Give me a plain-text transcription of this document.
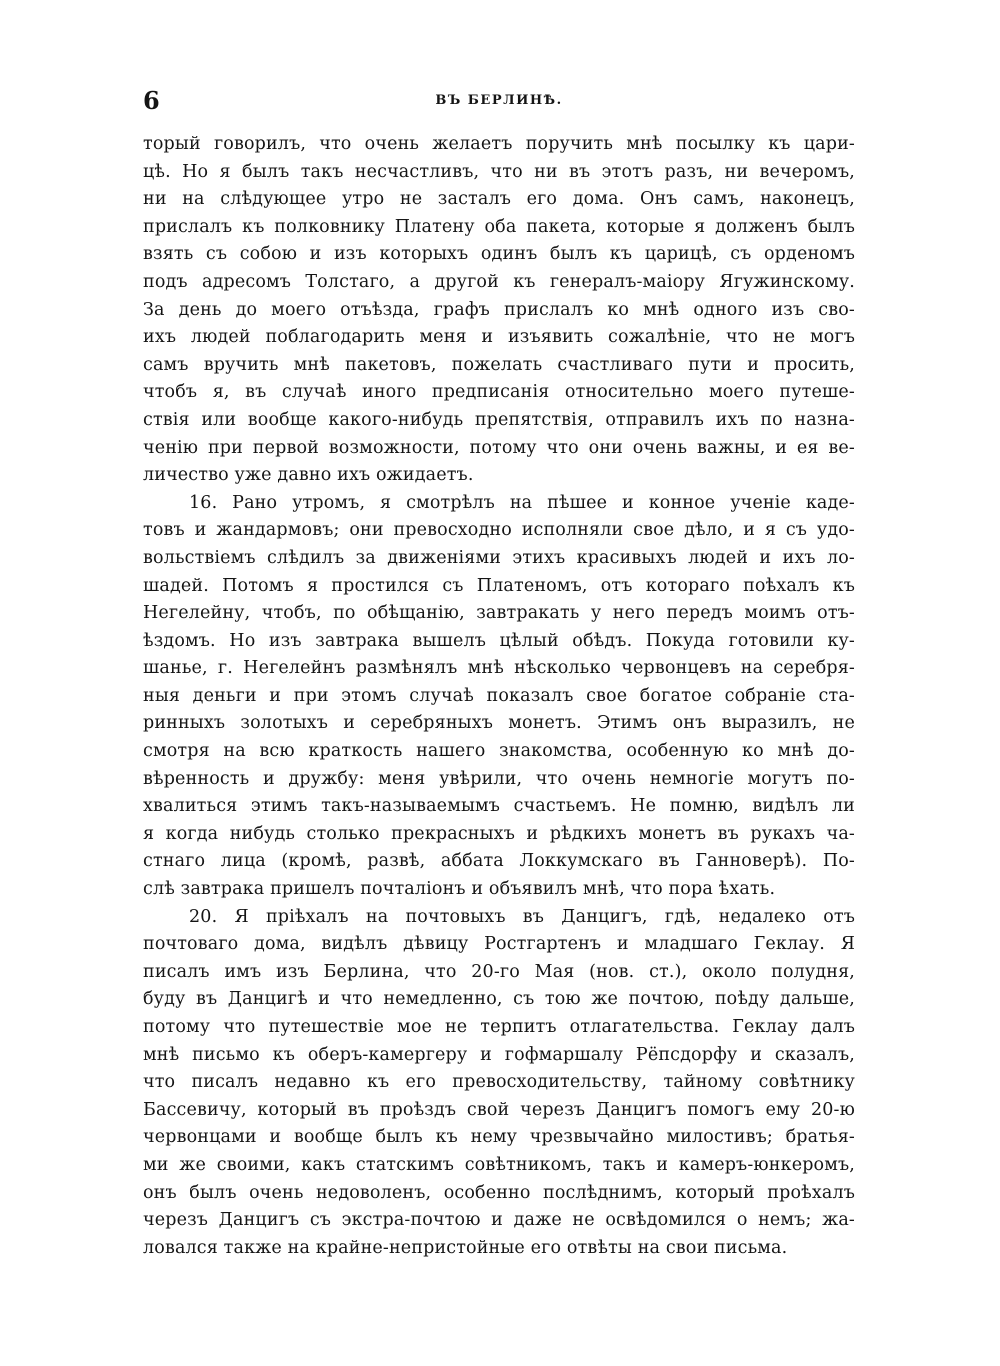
6	ВЪ БЕРЛИНѢ.
торый говорилъ, что очень желаетъ поручить мнѣ посылку къ цари-
цѣ. Но я былъ такъ несчастливъ, что ни въ этотъ разъ, ни вечеромъ,
ни на слѣдующее утро не засталъ его дома. Онъ самъ, наконецъ,
прислалъ къ полковнику Платену оба пакета, которые я долженъ былъ
взять съ собою и изъ которыхъ одинъ былъ къ царицѣ, съ орденомъ
подъ адресомъ Толстаго, а другой къ генералъ-маіору Ягужинскому.
За день до моего отъѣзда, графъ прислалъ ко мнѣ одного изъ сво-
ихъ людей поблагодарить меня и изъявить сожалѣніе, что не могъ
самъ вручить мнѣ пакетовъ, пожелать счастливаго пути и просить,
чтобъ я, въ случаѣ иного предписанія относительно моего путеше-
ствія или вообще какого-нибудь препятствія, отправилъ ихъ по назна-
ченію при первой возможности, потому что они очень важны, и ея ве-
личество уже давно ихъ ожидаетъ.
16. Рано утромъ, я смотрѣлъ на пѣшее и конное ученіе каде-
товъ и жандармовъ; они превосходно исполняли свое дѣло, и я съ удо-
вольствіемъ слѣдилъ за движеніями этихъ красивыхъ людей и ихъ ло-
шадей. Потомъ я простился съ Платеномъ, отъ котораго поѣхалъ къ
Негелейну, чтобъ, по обѣщанію, завтракать у него передъ моимъ отъ-
ѣздомъ. Но изъ завтрака вышелъ цѣлый обѣдъ. Покуда готовили ку-
шанье, г. Негелейнъ размѣнялъ мнѣ нѣсколько червонцевъ на серебря-
ныя деньги и при этомъ случаѣ показалъ свое богатое собраніе ста-
ринныхъ золотыхъ и серебряныхъ монетъ. Этимъ онъ выразилъ, не
смотря на всю краткость нашего знакомства, особенную ко мнѣ до-
вѣренность и дружбу: меня увѣрили, что очень немногіе могутъ по-
хвалиться этимъ такъ-называемымъ счастьемъ. Не помню, видѣлъ ли
я когда нибудь столько прекрасныхъ и рѣдкихъ монетъ въ рукахъ ча-
стнаго лица (кромѣ, развѣ, аббата Локкумскаго въ Ганноверѣ). По-
слѣ завтрака пришелъ почталіонъ и объявилъ мнѣ, что пора ѣхать.
20. Я пріѣхалъ на почтовыхъ въ Данцигъ, гдѣ, недалеко отъ
почтоваго дома, видѣлъ дѣвицу Ростгартенъ и младшаго Геклау. Я
писалъ имъ изъ Берлина, что 20-го Мая (нов. ст.), около полудня,
буду въ Данцигѣ и что немедленно, съ тою же почтою, поѣду дальше,
потому что путешествіе мое не терпитъ отлагательства. Геклау далъ
мнѣ письмо къ оберъ-камергеру и гофмаршалу Рёпсдорфу и сказалъ,
что писалъ недавно къ его превосходительству, тайному совѣтнику
Бассевичу, который въ проѣздъ свой черезъ Данцигъ помогъ ему 20-ю
червонцами и вообще былъ къ нему чрезвычайно милостивъ; братья-
ми же своими, какъ статскимъ совѣтникомъ, такъ и камеръ-юнкеромъ,
онъ былъ очень недоволенъ, особенно послѣднимъ, который проѣхалъ
черезъ Данцигъ съ экстра-почтою и даже не освѣдомился о немъ; жа-
ловался также на крайне-непристойные его отвѣты на свои письма.
